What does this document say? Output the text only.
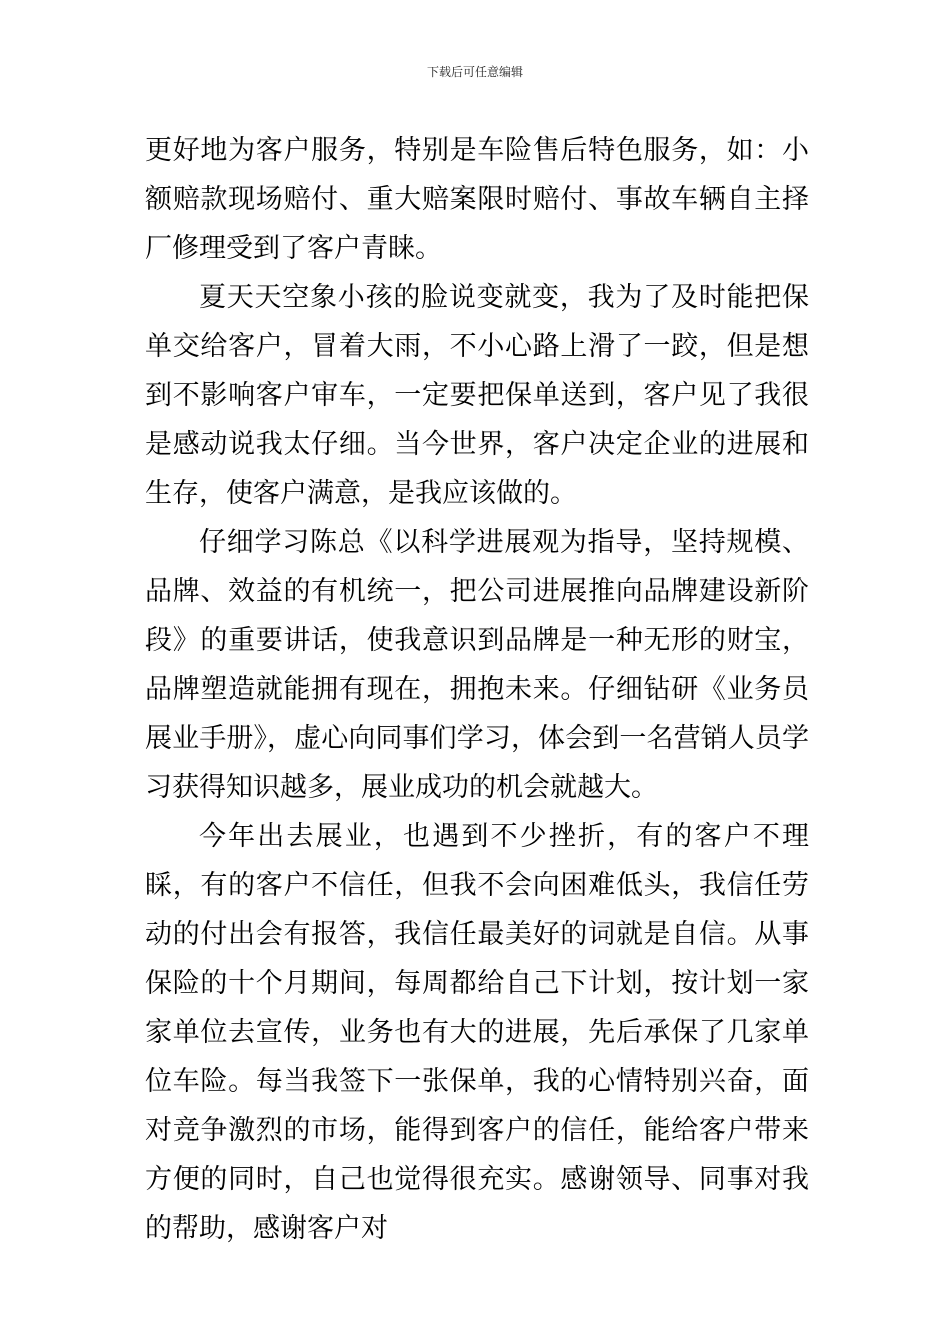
下载后可任意编辑

更好地为客户服务，特别是车险售后特色服务，如：小额赔款现场赔付、重大赔案限时赔付、事故车辆自主择厂修理受到了客户青睐。

夏天天空象小孩的脸说变就变，我为了及时能把保单交给客户，冒着大雨，不小心路上滑了一跤，但是想到不影响客户审车，一定要把保单送到，客户见了我很是感动说我太仔细。当今世界，客户决定企业的进展和生存，使客户满意，是我应该做的。

仔细学习陈总《以科学进展观为指导，坚持规模、品牌、效益的有机统一，把公司进展推向品牌建设新阶段》的重要讲话，使我意识到品牌是一种无形的财宝，品牌塑造就能拥有现在，拥抱未来。仔细钻研《业务员展业手册》，虚心向同事们学习，体会到一名营销人员学习获得知识越多，展业成功的机会就越大。

今年出去展业，也遇到不少挫折，有的客户不理睬，有的客户不信任，但我不会向困难低头，我信任劳动的付出会有报答，我信任最美好的词就是自信。从事保险的十个月期间，每周都给自己下计划，按计划一家家单位去宣传，业务也有大的进展，先后承保了几家单位车险。每当我签下一张保单，我的心情特别兴奋，面对竞争激烈的市场，能得到客户的信任，能给客户带来方便的同时，自己也觉得很充实。感谢领导、同事对我的帮助，感谢客户对
